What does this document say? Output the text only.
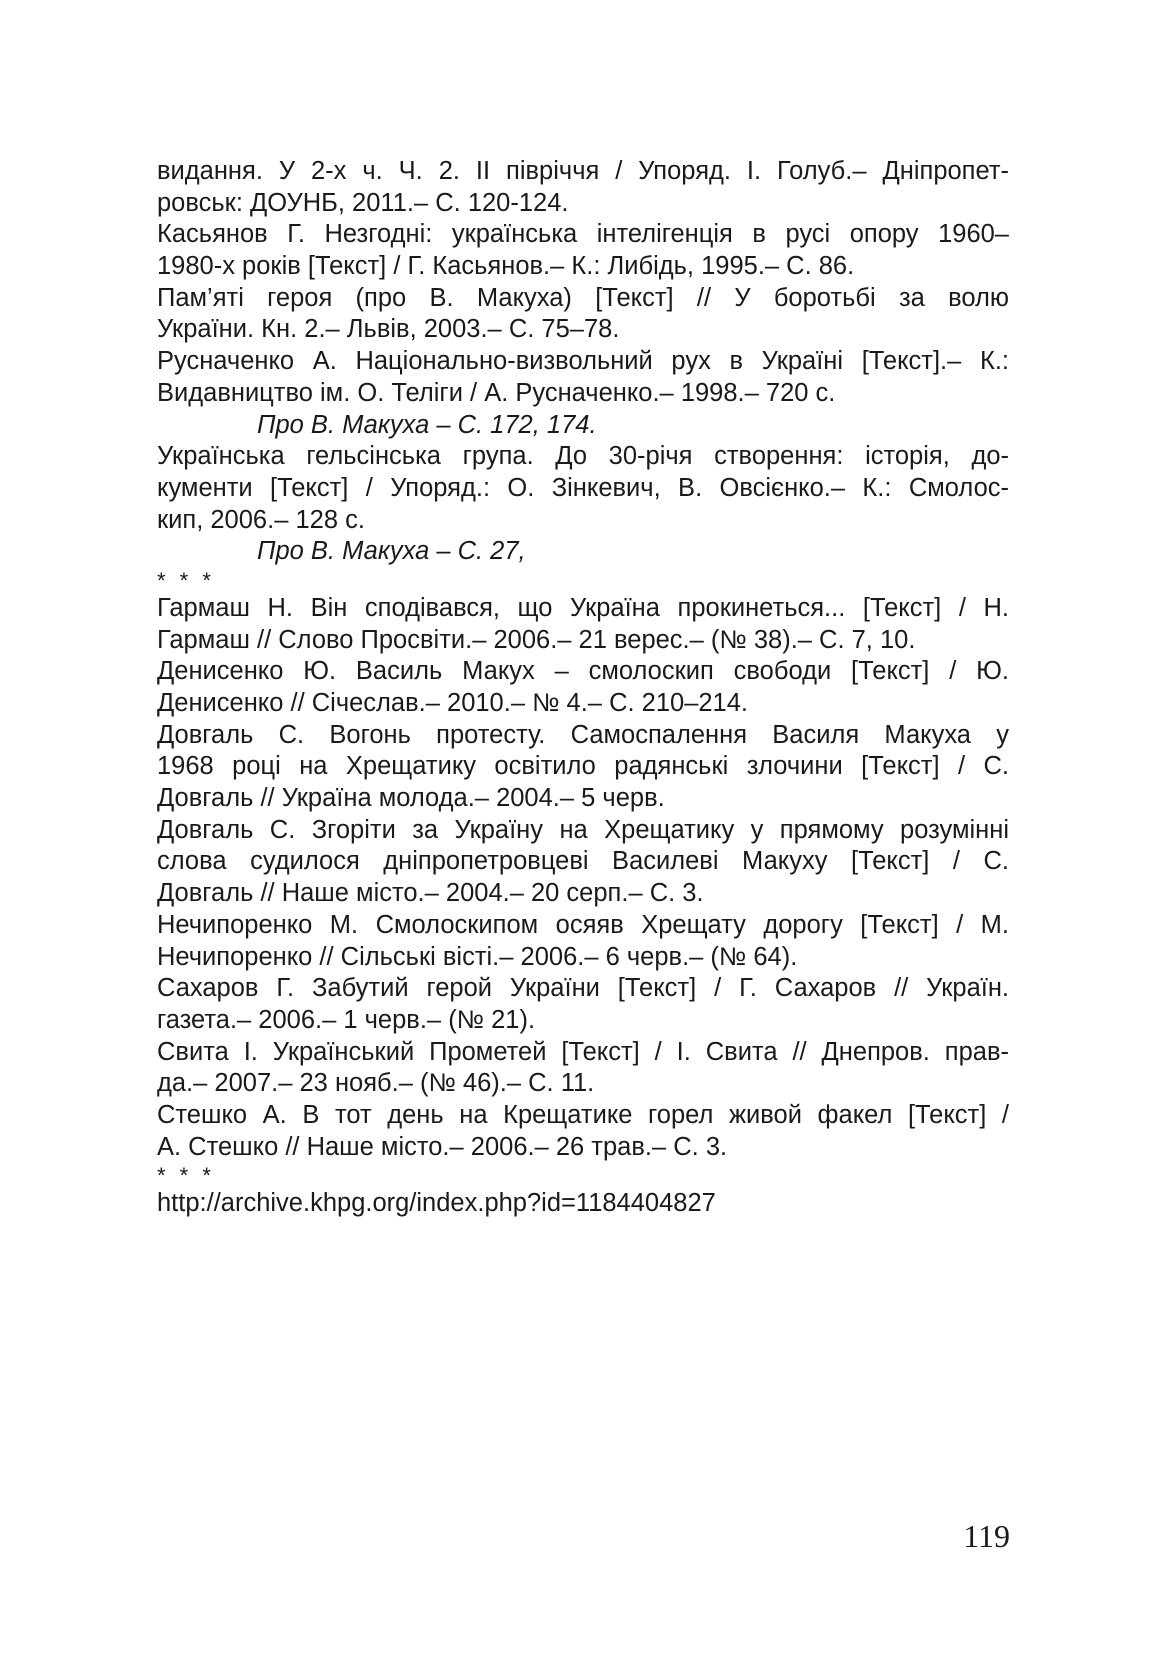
видання. У 2-х ч. Ч. 2. ІІ півріччя / Упоряд. І. Голуб.– Дніпропет-
ровськ: ДОУНБ, 2011.– С. 120-124.
Касьянов Г. Незгодні: українська інтелігенція в русі опору 1960–
1980-х років [Текст] / Г. Касьянов.– К.: Либідь, 1995.– С. 86.
Пам’яті героя (про В. Макуха) [Текст] // У боротьбі за волю
України. Кн. 2.– Львів, 2003.– С. 75–78.
Русначенко А. Національно-визвольний рух в Україні [Текст].– К.:
Видавництво ім. О. Теліги / А. Русначенко.– 1998.– 720 с.
Про В. Макуха – С. 172, 174.
Українська гельсінська група. До 30-річя створення: історія, до-
кументи [Текст] / Упоряд.: О. Зінкевич, В. Овсієнко.– К.: Смолос-
кип, 2006.– 128 с.
Про В. Макуха – С. 27,
* * *
Гармаш Н. Він сподівався, що Україна прокинеться... [Текст] / Н.
Гармаш // Слово Просвіти.– 2006.– 21 верес.– (№ 38).– С. 7, 10.
Денисенко Ю. Василь Макух – смолоскип свободи [Текст] / Ю.
Денисенко // Січеслав.– 2010.– № 4.– С. 210–214.
Довгаль С. Вогонь протесту. Самоспалення Василя Макуха у
1968 році на Хрещатику освітило радянські злочини [Текст] / С.
Довгаль // Україна молода.– 2004.– 5 черв.
Довгаль С. Згоріти за Україну на Хрещатику у прямому розумінні
слова судилося дніпропетровцеві Василеві Макуху [Текст] / С.
Довгаль // Наше місто.– 2004.– 20 серп.– С. 3.
Нечипоренко М. Смолоскипом осяяв Хрещату дорогу [Текст] / М.
Нечипоренко // Сільські вісті.– 2006.– 6 черв.– (№ 64).
Сахаров Г. Забутий герой України [Текст] / Г. Сахаров // Україн.
газета.– 2006.– 1 черв.– (№ 21).
Свита І. Український Прометей [Текст] / І. Свита // Днепров. прав-
да.– 2007.– 23 нояб.– (№ 46).– С. 11.
Стешко А. В тот день на Крещатике горел живой факел [Текст] /
А. Стешко // Наше місто.– 2006.– 26 трав.– С. 3.
* * *
http://archive.khpg.org/index.php?id=1184404827
119
